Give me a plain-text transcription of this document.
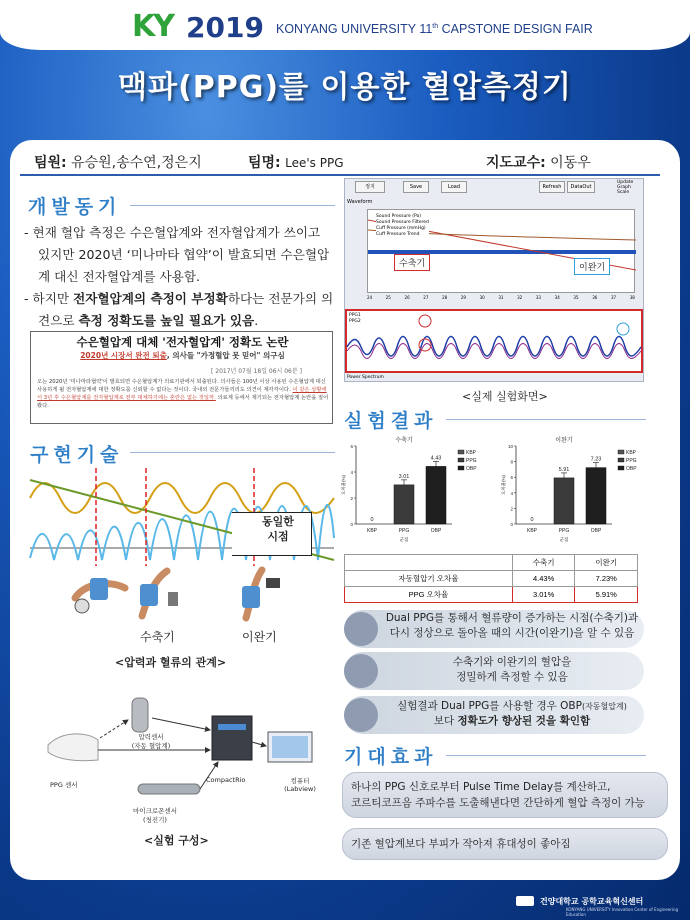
KY 2019 KONYANG UNIVERSITY 11th CAPSTONE DESIGN FAIR
맥파(PPG)를 이용한 혈압측정기
팀원: 유승원,송수연,정은지	팀명: Lee's PPG	지도교수: 이동우
개발동기

- 현재 혈압 측정은 수은혈압계와 전자혈압계가 쓰이고 있지만 2020년 ‘미나마타 협약’이 발효되면 수은혈압계 대신 전자혈압계를 사용함.

- 하지만 전자혈압계의 측정이 부정확하다는 전문가의 의견으로 측정 정확도를 높일 필요가 있음.

수은혈압계 대체 '전자혈압계' 정확도 논란
2020년 시장서 완전 퇴출, 의사들 "가정혈압 못 믿어" 의구심
[ 2017년 07월 18일 06시 06분 ]
오는 2020년 '미나마타협약'이 발효되면 수은혈압계가 의료기관에서 퇴출된다. 의사들은 100년 이상 사용된 수은혈압계 대신 사용하게 될 전자혈압계에 대한 정확도를 신뢰할 수 없다는 것이다. 국내외 전문가들끼리도 의견이 제각각이다. 이 같은 상황에서 3년 후 수은혈압계를 전자혈압계로 전부 대체하기에는 혼란은 없는 것일까. 의료계 등에서 제기되는 전자혈압계 논란을 짚어봤다.
구현기술
동일한
시점
수축기	이완기
<압력과 혈류의 관계>
압력센서
(자동 혈압계)
PPG 센서
CompactRio
마이크로폰센서
(청진기)
컴퓨터
(Labview)
<실험 구성>
정지	Save	Load	Refresh	DataOut
Update
Graph Scale
Waveform
Sound Pressure (Pa)
Sound Pressure Filtered
Cuff Pressure (mmHg)
Cuff Pressure Trend
수축기	이완기
24	25	26	27	28	29	30	31	32	33	34	35	36	37	38
PPG1
PPG2
Power Spectrum
<실제 실험화면>
실험결과
수축기
0
2
4
6
오차율(%)
0
KBP
3.01
PPG
4.43
OBP
군집
KBP
PPG
OBP
이완기
0
2
4
6
8
10
오차율(%)
0
KBP
5.91
PPG
7.23
OBP
군집
KBP
PPG
OBP
	수축기	이완기
자동혈압기 오차율	4.43%	7.23%
PPG 오차율	3.01%	5.91%
Dual PPG를 통해서 혈류량이 증가하는 시점(수축기)과
다시 정상으로 돌아올 때의 시간(이완기)을 알 수 있음
수축기와 이완기의 혈압을
정밀하게 측정할 수 있음
실험결과 Dual PPG를 사용할 경우 OBP(자동혈압계)
보다 정확도가 향상된 것을 확인함
기대효과
하나의 PPG 신호로부터 Pulse Time Delay를 계산하고,
코르티코프음 주파수를 도출해낸다면 간단하게 혈압 측정이 가능
기존 혈압계보다 부피가 작아져 휴대성이 좋아짐
건양대학교 공학교육혁신센터
KONYANG UNIVERSITY Innovation Center of Engineering Education
